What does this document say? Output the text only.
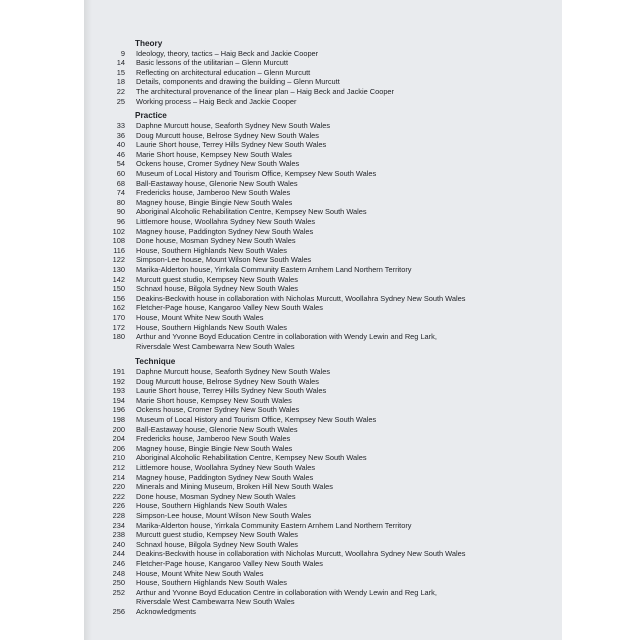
Theory
9 Ideology, theory, tactics – Haig Beck and Jackie Cooper
14 Basic lessons of the utilitarian – Glenn Murcutt
15 Reflecting on architectural education – Glenn Murcutt
18 Details, components and drawing the building – Glenn Murcutt
22 The architectural provenance of the linear plan – Haig Beck and Jackie Cooper
25 Working process – Haig Beck and Jackie Cooper
Practice
33 Daphne Murcutt house, Seaforth Sydney New South Wales
36 Doug Murcutt house, Belrose Sydney New South Wales
40 Laurie Short house, Terrey Hills Sydney New South Wales
46 Marie Short house, Kempsey New South Wales
54 Ockens house, Cromer Sydney New South Wales
60 Museum of Local History and Tourism Office, Kempsey New South Wales
68 Ball-Eastaway house, Glenorie New South Wales
74 Fredericks house, Jamberoo New South Wales
80 Magney house, Bingie Bingie New South Wales
90 Aboriginal Alcoholic Rehabilitation Centre, Kempsey New South Wales
96 Littlemore house, Woollahra Sydney New South Wales
102 Magney house, Paddington Sydney New South Wales
108 Done house, Mosman Sydney New South Wales
116 House, Southern Highlands New South Wales
122 Simpson-Lee house, Mount Wilson New South Wales
130 Marika-Alderton house, Yirrkala Community Eastern Arnhem Land Northern Territory
142 Murcutt guest studio, Kempsey New South Wales
150 Schnaxl house, Bilgola Sydney New South Wales
156 Deakins-Beckwith house in collaboration with Nicholas Murcutt, Woollahra Sydney New South Wales
162 Fletcher-Page house, Kangaroo Valley New South Wales
170 House, Mount White New South Wales
172 House, Southern Highlands New South Wales
180 Arthur and Yvonne Boyd Education Centre in collaboration with Wendy Lewin and Reg Lark,
Riversdale West Cambewarra New South Wales
Technique
191 Daphne Murcutt house, Seaforth Sydney New South Wales
192 Doug Murcutt house, Belrose Sydney New South Wales
193 Laurie Short house, Terrey Hills Sydney New South Wales
194 Marie Short house, Kempsey New South Wales
196 Ockens house, Cromer Sydney New South Wales
198 Museum of Local History and Tourism Office, Kempsey New South Wales
200 Ball-Eastaway house, Glenorie New South Wales
204 Fredericks house, Jamberoo New South Wales
206 Magney house, Bingie Bingie New South Wales
210 Aboriginal Alcoholic Rehabilitation Centre, Kempsey New South Wales
212 Littlemore house, Woollahra Sydney New South Wales
214 Magney house, Paddington Sydney New South Wales
220 Minerals and Mining Museum, Broken Hill New South Wales
222 Done house, Mosman Sydney New South Wales
226 House, Southern Highlands New South Wales
228 Simpson-Lee house, Mount Wilson New South Wales
234 Marika-Alderton house, Yirrkala Community Eastern Arnhem Land Northern Territory
238 Murcutt guest studio, Kempsey New South Wales
240 Schnaxl house, Bilgola Sydney New South Wales
244 Deakins-Beckwith house in collaboration with Nicholas Murcutt, Woollahra Sydney New South Wales
246 Fletcher-Page house, Kangaroo Valley New South Wales
248 House, Mount White New South Wales
250 House, Southern Highlands New South Wales
252 Arthur and Yvonne Boyd Education Centre in collaboration with Wendy Lewin and Reg Lark,
Riversdale West Cambewarra New South Wales
256 Acknowledgments
